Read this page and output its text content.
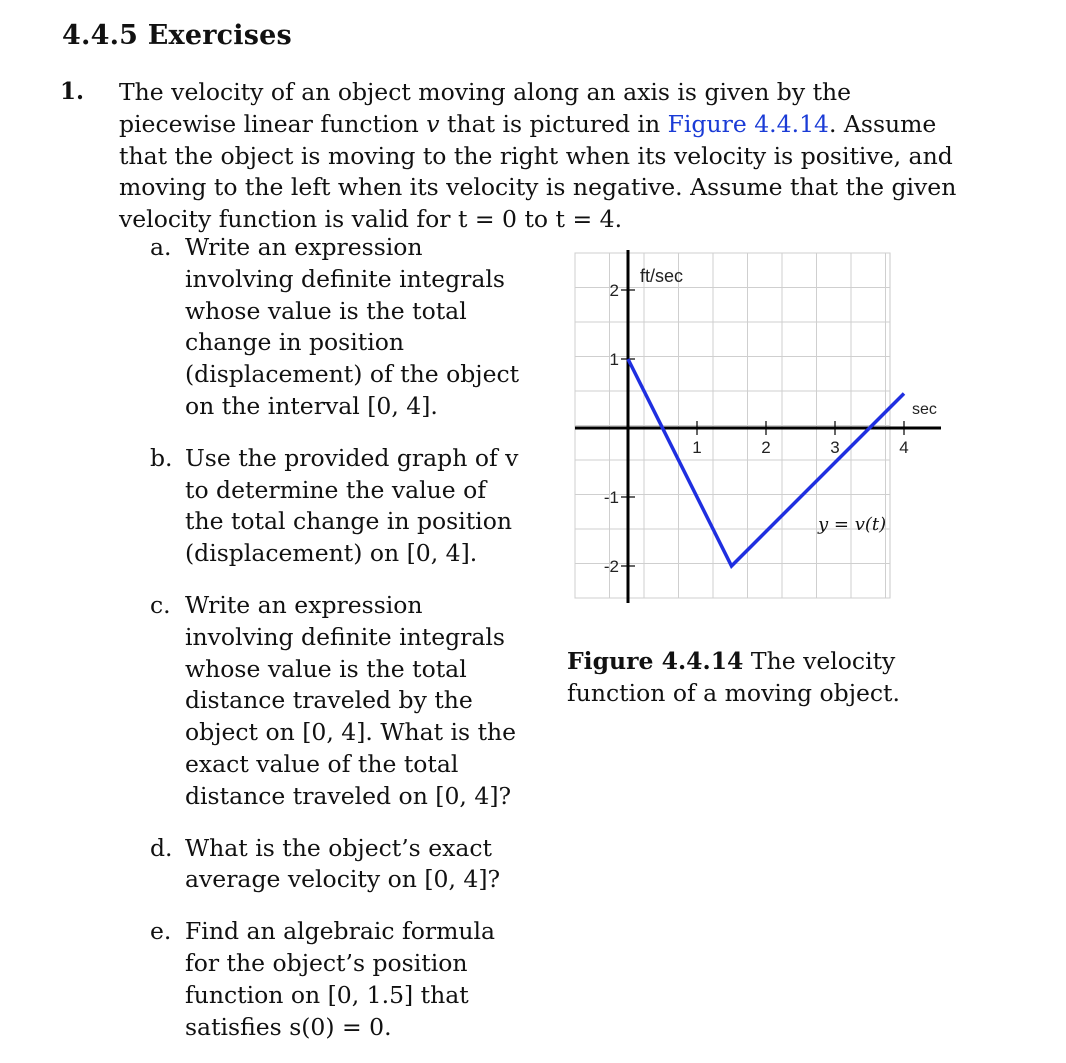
4.4.5 Exercises
1. The velocity of an object moving along an axis is given by the piecewise linear function v that is pictured in Figure 4.4.14. Assume that the object is moving to the right when its velocity is positive, and moving to the left when its velocity is negative. Assume that the given velocity function is valid for t = 0 to t = 4.

a. Write an expression involving definite integrals whose value is the total change in position (displacement) of the object on the interval [0, 4].
b. Use the provided graph of v to determine the value of the total change in position (displacement) on [0, 4].
c. Write an expression involving definite integrals whose value is the total distance traveled by the object on [0, 4]. What is the exact value of the total distance traveled on [0, 4]?
d. What is the object’s exact average velocity on [0, 4]?
e. Find an algebraic formula for the object’s position function on [0, 1.5] that satisfies s(0) = 0.
1	2	3	4
2
1
-1
-2
ft/sec
sec
y = v(t)

Figure 4.4.14 The velocity function of a moving object.
